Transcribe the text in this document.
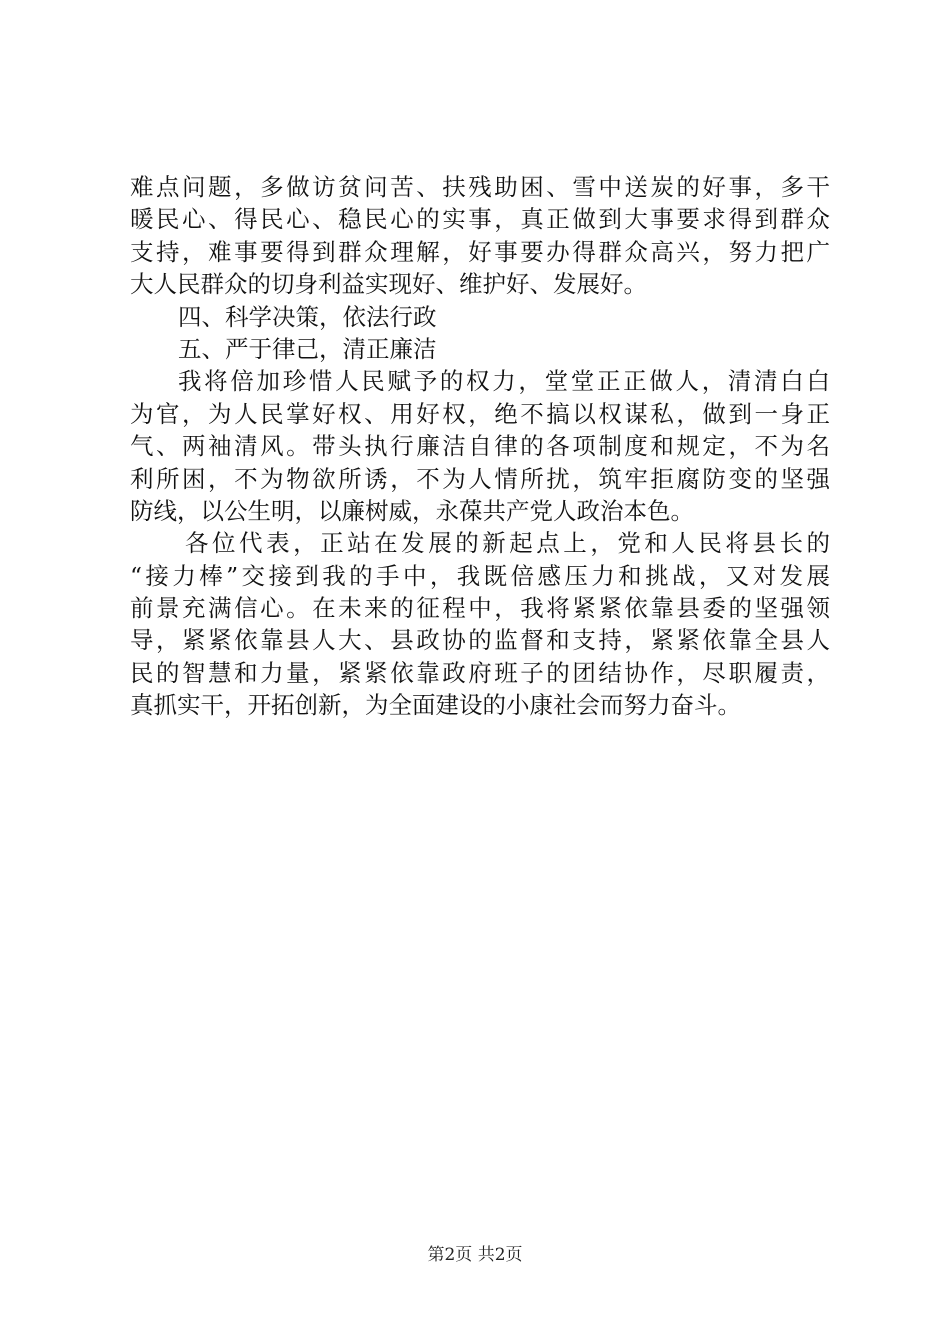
难点问题，多做访贫问苦、扶残助困、雪中送炭的好事，多干
暖民心、得民心、稳民心的实事，真正做到大事要求得到群众
支持，难事要得到群众理解，好事要办得群众高兴，努力把广
大人民群众的切身利益实现好、维护好、发展好。
四、科学决策，依法行政
五、严于律己，清正廉洁
我将倍加珍惜人民赋予的权力，堂堂正正做人，清清白白
为官，为人民掌好权、用好权，绝不搞以权谋私，做到一身正
气、两袖清风。带头执行廉洁自律的各项制度和规定，不为名
利所困，不为物欲所诱，不为人情所扰，筑牢拒腐防变的坚强
防线，以公生明，以廉树威，永葆共产党人政治本色。
各位代表，正站在发展的新起点上，党和人民将县长的
“接力棒”交接到我的手中，我既倍感压力和挑战，又对发展
前景充满信心。在未来的征程中，我将紧紧依靠县委的坚强领
导，紧紧依靠县人大、县政协的监督和支持，紧紧依靠全县人
民的智慧和力量，紧紧依靠政府班子的团结协作，尽职履责，
真抓实干，开拓创新，为全面建设的小康社会而努力奋斗。
第2页 共2页
